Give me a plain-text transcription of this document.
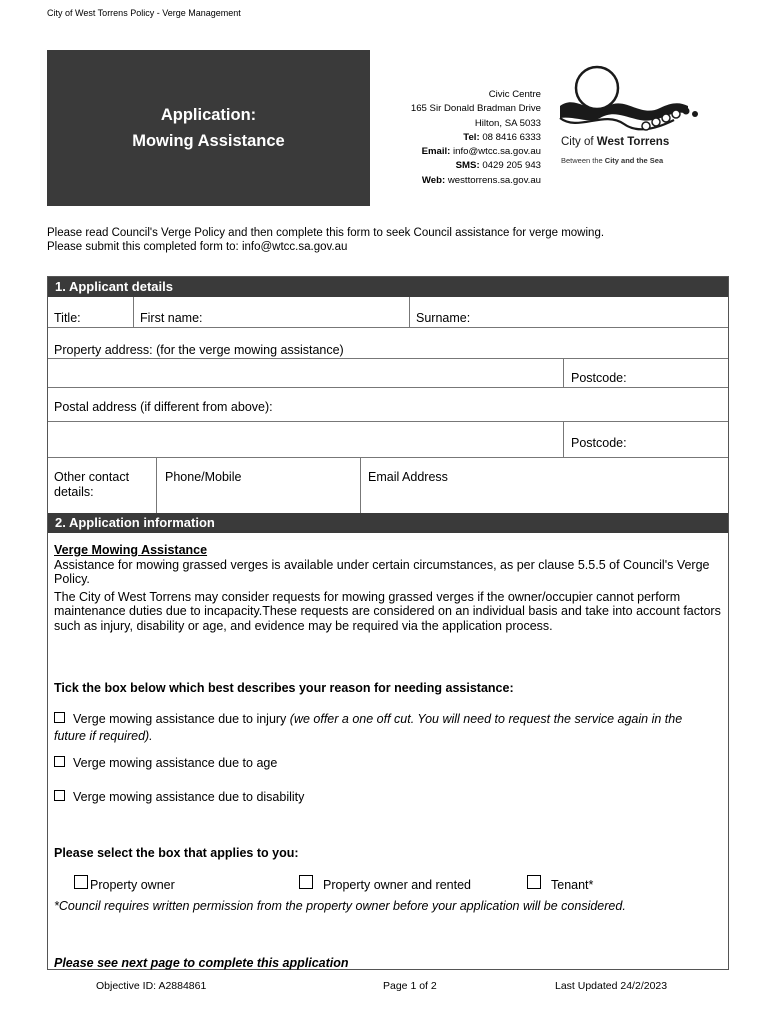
City of West Torrens Policy - Verge Management
Application:
Mowing Assistance
Civic Centre
165 Sir Donald Bradman Drive
Hilton, SA 5033
Tel: 08 8416 6333
Email: info@wtcc.sa.gov.au
SMS: 0429 205 943
Web: westtorrens.sa.gov.au
City of West Torrens
Between the City and the Sea
Please read Council's Verge Policy and then complete this form to seek Council assistance for verge mowing.
Please submit this completed form to: info@wtcc.sa.gov.au
1. Applicant details
Title:	First name:	Surname:
Property address: (for the verge mowing assistance)
Postcode:
Postal address (if different from above):
Postcode:
Other contact details:
Phone/Mobile	Email Address
2. Application information
Verge Mowing Assistance
Assistance for mowing grassed verges is available under certain circumstances, as per clause 5.5.5 of Council's Verge Policy.
The City of West Torrens may consider requests for mowing grassed verges if the owner/occupier cannot perform maintenance duties due to incapacity.These requests are considered on an individual basis and take into account factors such as injury, disability or age, and evidence may be required via the application process.
Tick the box below which best describes your reason for needing assistance:
Verge mowing assistance due to injury (we offer a one off cut. You will need to request the service again in the future if required).
Verge mowing assistance due to age
Verge mowing assistance due to disability
Please select the box that applies to you:
Property owner	Property owner and rented	Tenant*
*Council requires written permission from the property owner before your application will be considered.
Please see next page to complete this application
Objective ID: A2884861	Page 1 of 2	Last Updated 24/2/2023
